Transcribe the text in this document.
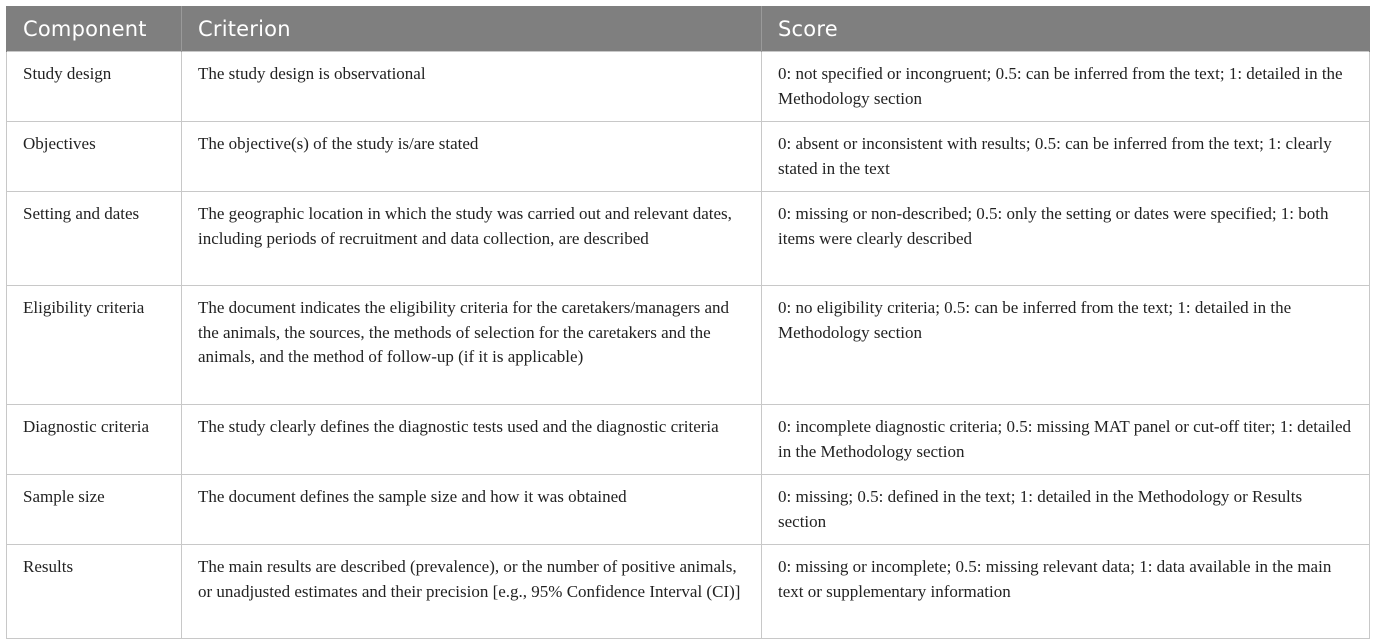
Component	Criterion	Score
Study design	The study design is observational	0: not specified or incongruent; 0.5: can be inferred from the text; 1: detailed in the Methodology section
Objectives	The objective(s) of the study is/are stated	0: absent or inconsistent with results; 0.5: can be inferred from the text; 1: clearly stated in the text
Setting and dates	The geographic location in which the study was carried out and relevant dates, including periods of recruitment and data collection, are described	0: missing or non-described; 0.5: only the setting or dates were specified; 1: both items were clearly described
Eligibility criteria	The document indicates the eligibility criteria for the caretakers/managers and the animals, the sources, the methods of selection for the caretakers and the animals, and the method of follow-up (if it is applicable)	0: no eligibility criteria; 0.5: can be inferred from the text; 1: detailed in the Methodology section
Diagnostic criteria	The study clearly defines the diagnostic tests used and the diagnostic criteria	0: incomplete diagnostic criteria; 0.5: missing MAT panel or cut-off titer; 1: detailed in the Methodology section
Sample size	The document defines the sample size and how it was obtained	0: missing; 0.5: defined in the text; 1: detailed in the Methodology or Results section
Results	The main results are described (prevalence), or the number of positive animals, or unadjusted estimates and their precision [e.g., 95% Confidence Interval (CI)]	0: missing or incomplete; 0.5: missing relevant data; 1: data available in the main text or supplementary information
